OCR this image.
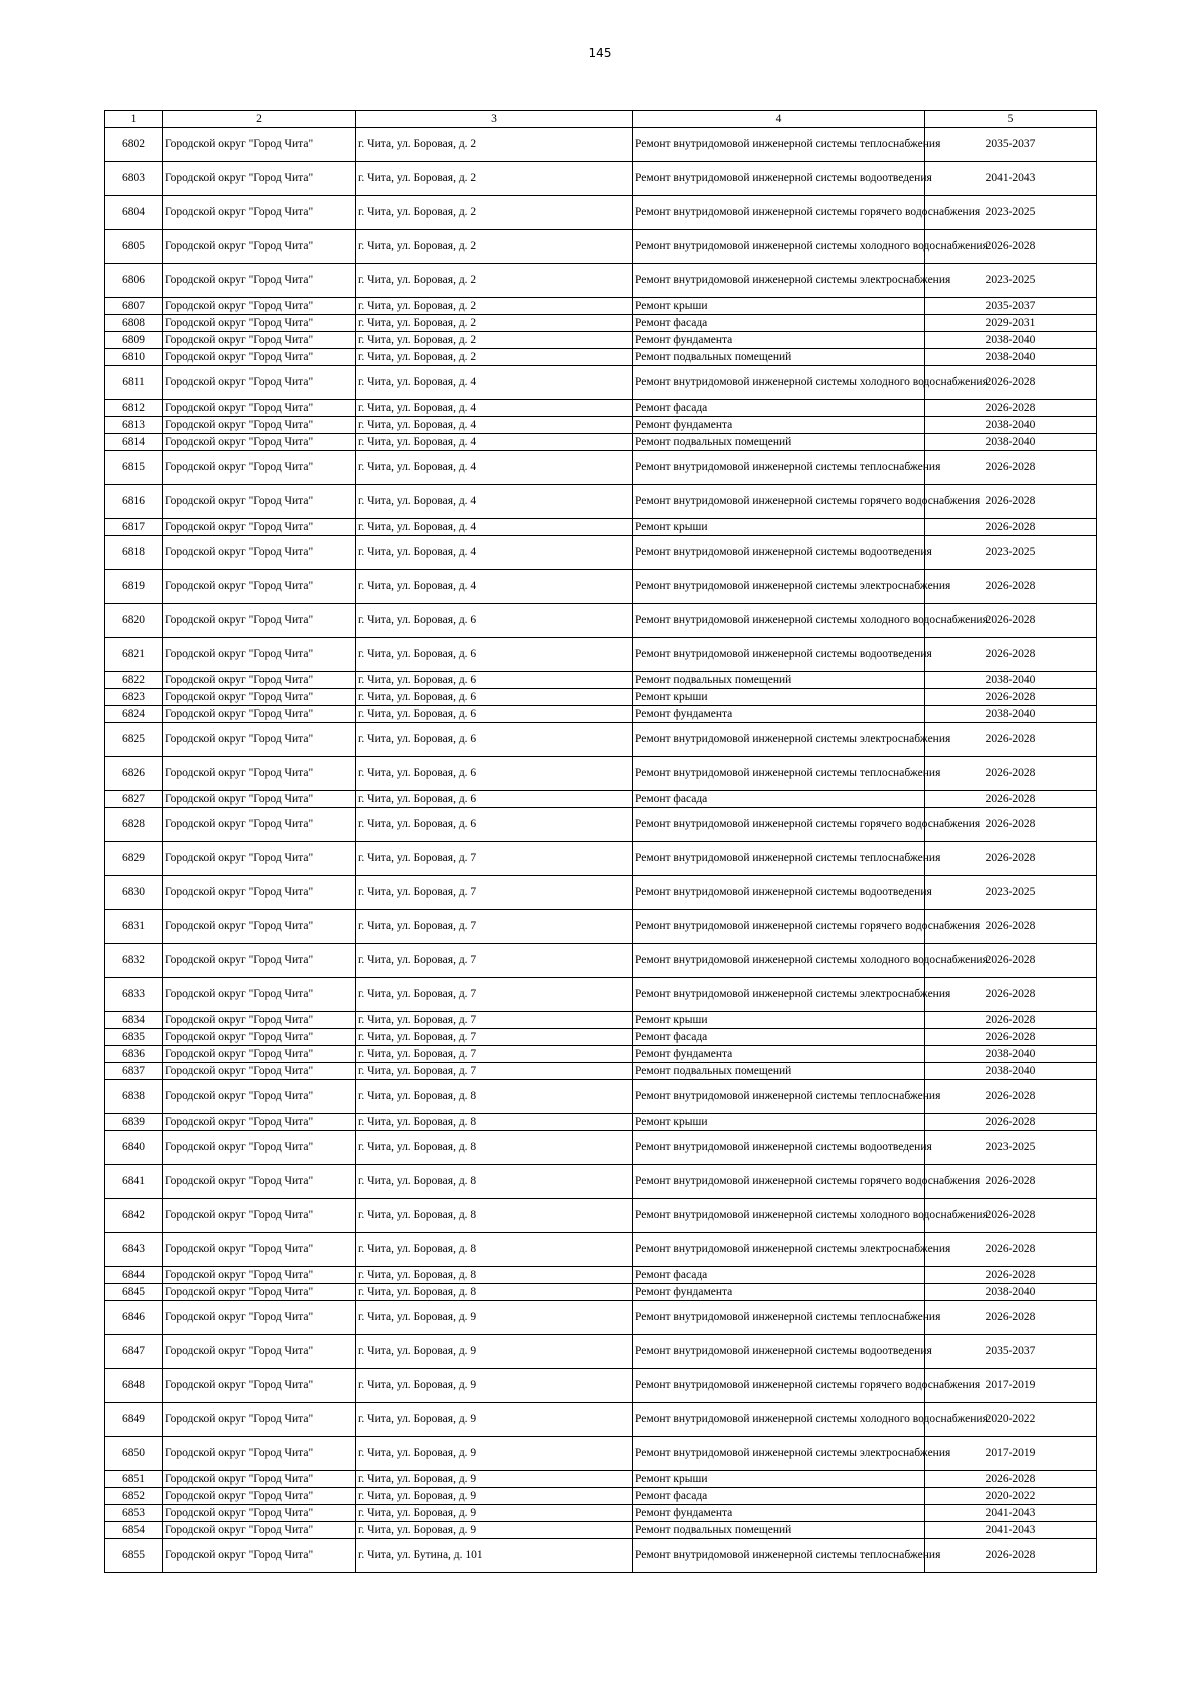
145
1	2	3	4	5
6802	Городской округ "Город Чита"	г. Чита, ул. Боровая, д. 2	Ремонт внутридомовой инженерной системы теплоснабжения	2035-2037
6803	Городской округ "Город Чита"	г. Чита, ул. Боровая, д. 2	Ремонт внутридомовой инженерной системы водоотведения	2041-2043
6804	Городской округ "Город Чита"	г. Чита, ул. Боровая, д. 2	Ремонт внутридомовой инженерной системы горячего водоснабжения	2023-2025
6805	Городской округ "Город Чита"	г. Чита, ул. Боровая, д. 2	Ремонт внутридомовой инженерной системы холодного водоснабжения	2026-2028
6806	Городской округ "Город Чита"	г. Чита, ул. Боровая, д. 2	Ремонт внутридомовой инженерной системы электроснабжения	2023-2025
6807	Городской округ "Город Чита"	г. Чита, ул. Боровая, д. 2	Ремонт крыши	2035-2037
6808	Городской округ "Город Чита"	г. Чита, ул. Боровая, д. 2	Ремонт фасада	2029-2031
6809	Городской округ "Город Чита"	г. Чита, ул. Боровая, д. 2	Ремонт фундамента	2038-2040
6810	Городской округ "Город Чита"	г. Чита, ул. Боровая, д. 2	Ремонт подвальных помещений	2038-2040
6811	Городской округ "Город Чита"	г. Чита, ул. Боровая, д. 4	Ремонт внутридомовой инженерной системы холодного водоснабжения	2026-2028
6812	Городской округ "Город Чита"	г. Чита, ул. Боровая, д. 4	Ремонт фасада	2026-2028
6813	Городской округ "Город Чита"	г. Чита, ул. Боровая, д. 4	Ремонт фундамента	2038-2040
6814	Городской округ "Город Чита"	г. Чита, ул. Боровая, д. 4	Ремонт подвальных помещений	2038-2040
6815	Городской округ "Город Чита"	г. Чита, ул. Боровая, д. 4	Ремонт внутридомовой инженерной системы теплоснабжения	2026-2028
6816	Городской округ "Город Чита"	г. Чита, ул. Боровая, д. 4	Ремонт внутридомовой инженерной системы горячего водоснабжения	2026-2028
6817	Городской округ "Город Чита"	г. Чита, ул. Боровая, д. 4	Ремонт крыши	2026-2028
6818	Городской округ "Город Чита"	г. Чита, ул. Боровая, д. 4	Ремонт внутридомовой инженерной системы водоотведения	2023-2025
6819	Городской округ "Город Чита"	г. Чита, ул. Боровая, д. 4	Ремонт внутридомовой инженерной системы электроснабжения	2026-2028
6820	Городской округ "Город Чита"	г. Чита, ул. Боровая, д. 6	Ремонт внутридомовой инженерной системы холодного водоснабжения	2026-2028
6821	Городской округ "Город Чита"	г. Чита, ул. Боровая, д. 6	Ремонт внутридомовой инженерной системы водоотведения	2026-2028
6822	Городской округ "Город Чита"	г. Чита, ул. Боровая, д. 6	Ремонт подвальных помещений	2038-2040
6823	Городской округ "Город Чита"	г. Чита, ул. Боровая, д. 6	Ремонт крыши	2026-2028
6824	Городской округ "Город Чита"	г. Чита, ул. Боровая, д. 6	Ремонт фундамента	2038-2040
6825	Городской округ "Город Чита"	г. Чита, ул. Боровая, д. 6	Ремонт внутридомовой инженерной системы электроснабжения	2026-2028
6826	Городской округ "Город Чита"	г. Чита, ул. Боровая, д. 6	Ремонт внутридомовой инженерной системы теплоснабжения	2026-2028
6827	Городской округ "Город Чита"	г. Чита, ул. Боровая, д. 6	Ремонт фасада	2026-2028
6828	Городской округ "Город Чита"	г. Чита, ул. Боровая, д. 6	Ремонт внутридомовой инженерной системы горячего водоснабжения	2026-2028
6829	Городской округ "Город Чита"	г. Чита, ул. Боровая, д. 7	Ремонт внутридомовой инженерной системы теплоснабжения	2026-2028
6830	Городской округ "Город Чита"	г. Чита, ул. Боровая, д. 7	Ремонт внутридомовой инженерной системы водоотведения	2023-2025
6831	Городской округ "Город Чита"	г. Чита, ул. Боровая, д. 7	Ремонт внутридомовой инженерной системы горячего водоснабжения	2026-2028
6832	Городской округ "Город Чита"	г. Чита, ул. Боровая, д. 7	Ремонт внутридомовой инженерной системы холодного водоснабжения	2026-2028
6833	Городской округ "Город Чита"	г. Чита, ул. Боровая, д. 7	Ремонт внутридомовой инженерной системы электроснабжения	2026-2028
6834	Городской округ "Город Чита"	г. Чита, ул. Боровая, д. 7	Ремонт крыши	2026-2028
6835	Городской округ "Город Чита"	г. Чита, ул. Боровая, д. 7	Ремонт фасада	2026-2028
6836	Городской округ "Город Чита"	г. Чита, ул. Боровая, д. 7	Ремонт фундамента	2038-2040
6837	Городской округ "Город Чита"	г. Чита, ул. Боровая, д. 7	Ремонт подвальных помещений	2038-2040
6838	Городской округ "Город Чита"	г. Чита, ул. Боровая, д. 8	Ремонт внутридомовой инженерной системы теплоснабжения	2026-2028
6839	Городской округ "Город Чита"	г. Чита, ул. Боровая, д. 8	Ремонт крыши	2026-2028
6840	Городской округ "Город Чита"	г. Чита, ул. Боровая, д. 8	Ремонт внутридомовой инженерной системы водоотведения	2023-2025
6841	Городской округ "Город Чита"	г. Чита, ул. Боровая, д. 8	Ремонт внутридомовой инженерной системы горячего водоснабжения	2026-2028
6842	Городской округ "Город Чита"	г. Чита, ул. Боровая, д. 8	Ремонт внутридомовой инженерной системы холодного водоснабжения	2026-2028
6843	Городской округ "Город Чита"	г. Чита, ул. Боровая, д. 8	Ремонт внутридомовой инженерной системы электроснабжения	2026-2028
6844	Городской округ "Город Чита"	г. Чита, ул. Боровая, д. 8	Ремонт фасада	2026-2028
6845	Городской округ "Город Чита"	г. Чита, ул. Боровая, д. 8	Ремонт фундамента	2038-2040
6846	Городской округ "Город Чита"	г. Чита, ул. Боровая, д. 9	Ремонт внутридомовой инженерной системы теплоснабжения	2026-2028
6847	Городской округ "Город Чита"	г. Чита, ул. Боровая, д. 9	Ремонт внутридомовой инженерной системы водоотведения	2035-2037
6848	Городской округ "Город Чита"	г. Чита, ул. Боровая, д. 9	Ремонт внутридомовой инженерной системы горячего водоснабжения	2017-2019
6849	Городской округ "Город Чита"	г. Чита, ул. Боровая, д. 9	Ремонт внутридомовой инженерной системы холодного водоснабжения	2020-2022
6850	Городской округ "Город Чита"	г. Чита, ул. Боровая, д. 9	Ремонт внутридомовой инженерной системы электроснабжения	2017-2019
6851	Городской округ "Город Чита"	г. Чита, ул. Боровая, д. 9	Ремонт крыши	2026-2028
6852	Городской округ "Город Чита"	г. Чита, ул. Боровая, д. 9	Ремонт фасада	2020-2022
6853	Городской округ "Город Чита"	г. Чита, ул. Боровая, д. 9	Ремонт фундамента	2041-2043
6854	Городской округ "Город Чита"	г. Чита, ул. Боровая, д. 9	Ремонт подвальных помещений	2041-2043
6855	Городской округ "Город Чита"	г. Чита, ул. Бутина, д. 101	Ремонт внутридомовой инженерной системы теплоснабжения	2026-2028
